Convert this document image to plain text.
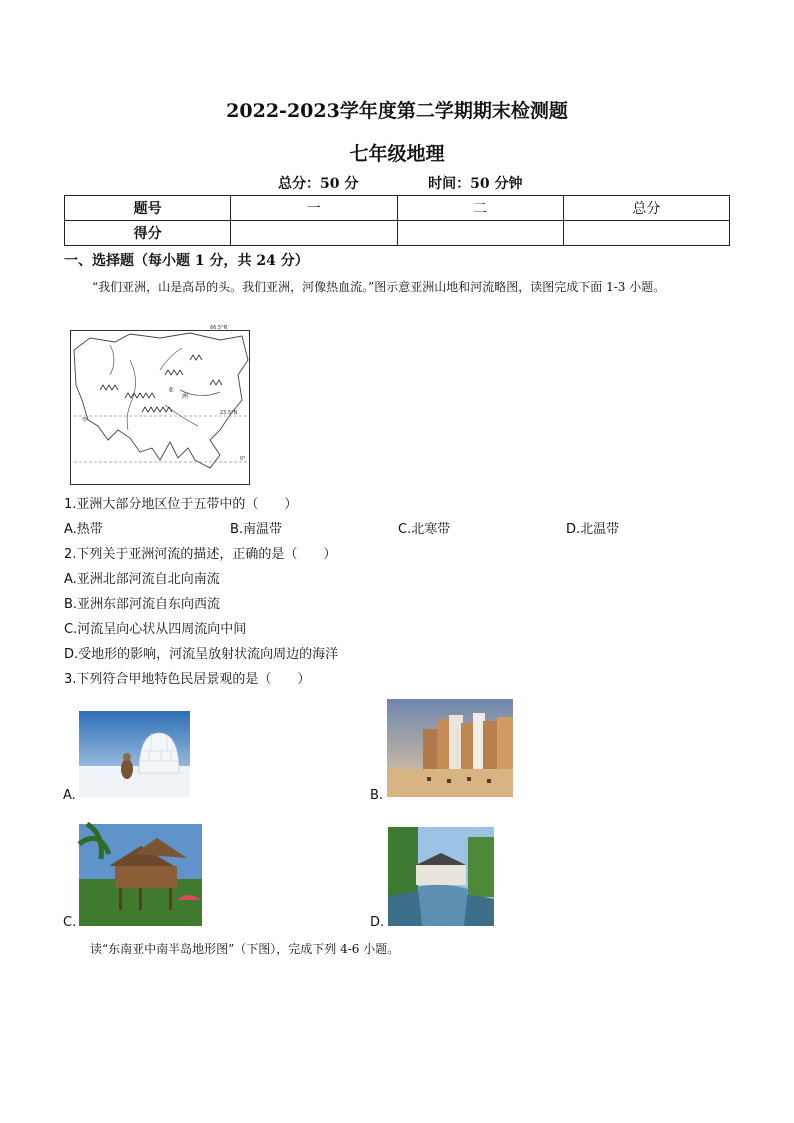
2022-2023学年度第二学期期末检测题
七年级地理
总分：50 分	时间：50 分钟
题号	一	二	总分
得分			
一、选择题（每小题 1 分，共 24 分）
“我们亚洲，山是高昂的头。我们亚洲，河像热血流。”图示意亚洲山地和河流略图，读图完成下面 1-3 小题。
66.5°N
23.5°N
0°
亚
洲
甲
1.亚洲大部分地区位于五带中的（　　）
A.热带	B.南温带	C.北寒带	D.北温带
2.下列关于亚洲河流的描述，正确的是（　　）
A.亚洲北部河流自北向南流
B.亚洲东部河流自东向西流
C.河流呈向心状从四周流向中间
D.受地形的影响，河流呈放射状流向周边的海洋
3.下列符合甲地特色民居景观的是（　　）
A.	B.
C.	D.
读“东南亚中南半岛地形图”（下图），完成下列 4-6 小题。
